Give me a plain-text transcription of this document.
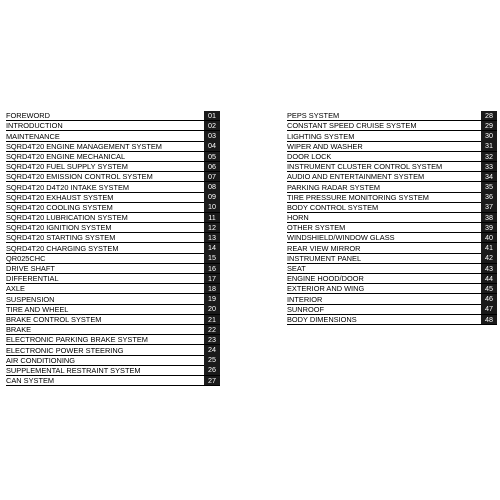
FOREWORD	01
INTRODUCTION	02
MAINTENANCE	03
SQRD4T20 ENGINE MANAGEMENT SYSTEM	04
SQRD4T20 ENGINE MECHANICAL	05
SQRD4T20 FUEL SUPPLY SYSTEM	06
SQRD4T20 EMISSION CONTROL SYSTEM	07
SQRD4T20 D4T20 INTAKE SYSTEM	08
SQRD4T20 EXHAUST SYSTEM	09
SQRD4T20 COOLING SYSTEM	10
SQRD4T20 LUBRICATION SYSTEM	11
SQRD4T20 IGNITION SYSTEM	12
SQRD4T20 STARTING SYSTEM	13
SQRD4T20 CHARGING SYSTEM	14
QR025CHC	15
DRIVE SHAFT	16
DIFFERENTIAL	17
AXLE	18
SUSPENSION	19
TIRE AND WHEEL	20
BRAKE CONTROL SYSTEM	21
BRAKE	22
ELECTRONIC PARKING BRAKE SYSTEM	23
ELECTRONIC POWER STEERING	24
AIR CONDITIONING	25
SUPPLEMENTAL RESTRAINT SYSTEM	26
CAN SYSTEM	27
PEPS SYSTEM	28
CONSTANT SPEED CRUISE SYSTEM	29
LIGHTING SYSTEM	30
WIPER AND WASHER	31
DOOR LOCK	32
INSTRUMENT CLUSTER CONTROL SYSTEM	33
AUDIO AND ENTERTAINMENT SYSTEM	34
PARKING RADAR SYSTEM	35
TIRE PRESSURE MONITORING SYSTEM	36
BODY CONTROL SYSTEM	37
HORN	38
OTHER SYSTEM	39
WINDSHIELD/WINDOW GLASS	40
REAR VIEW MIRROR	41
INSTRUMENT PANEL	42
SEAT	43
ENGINE HOOD/DOOR	44
EXTERIOR AND WING	45
INTERIOR	46
SUNROOF	47
BODY DIMENSIONS	48
